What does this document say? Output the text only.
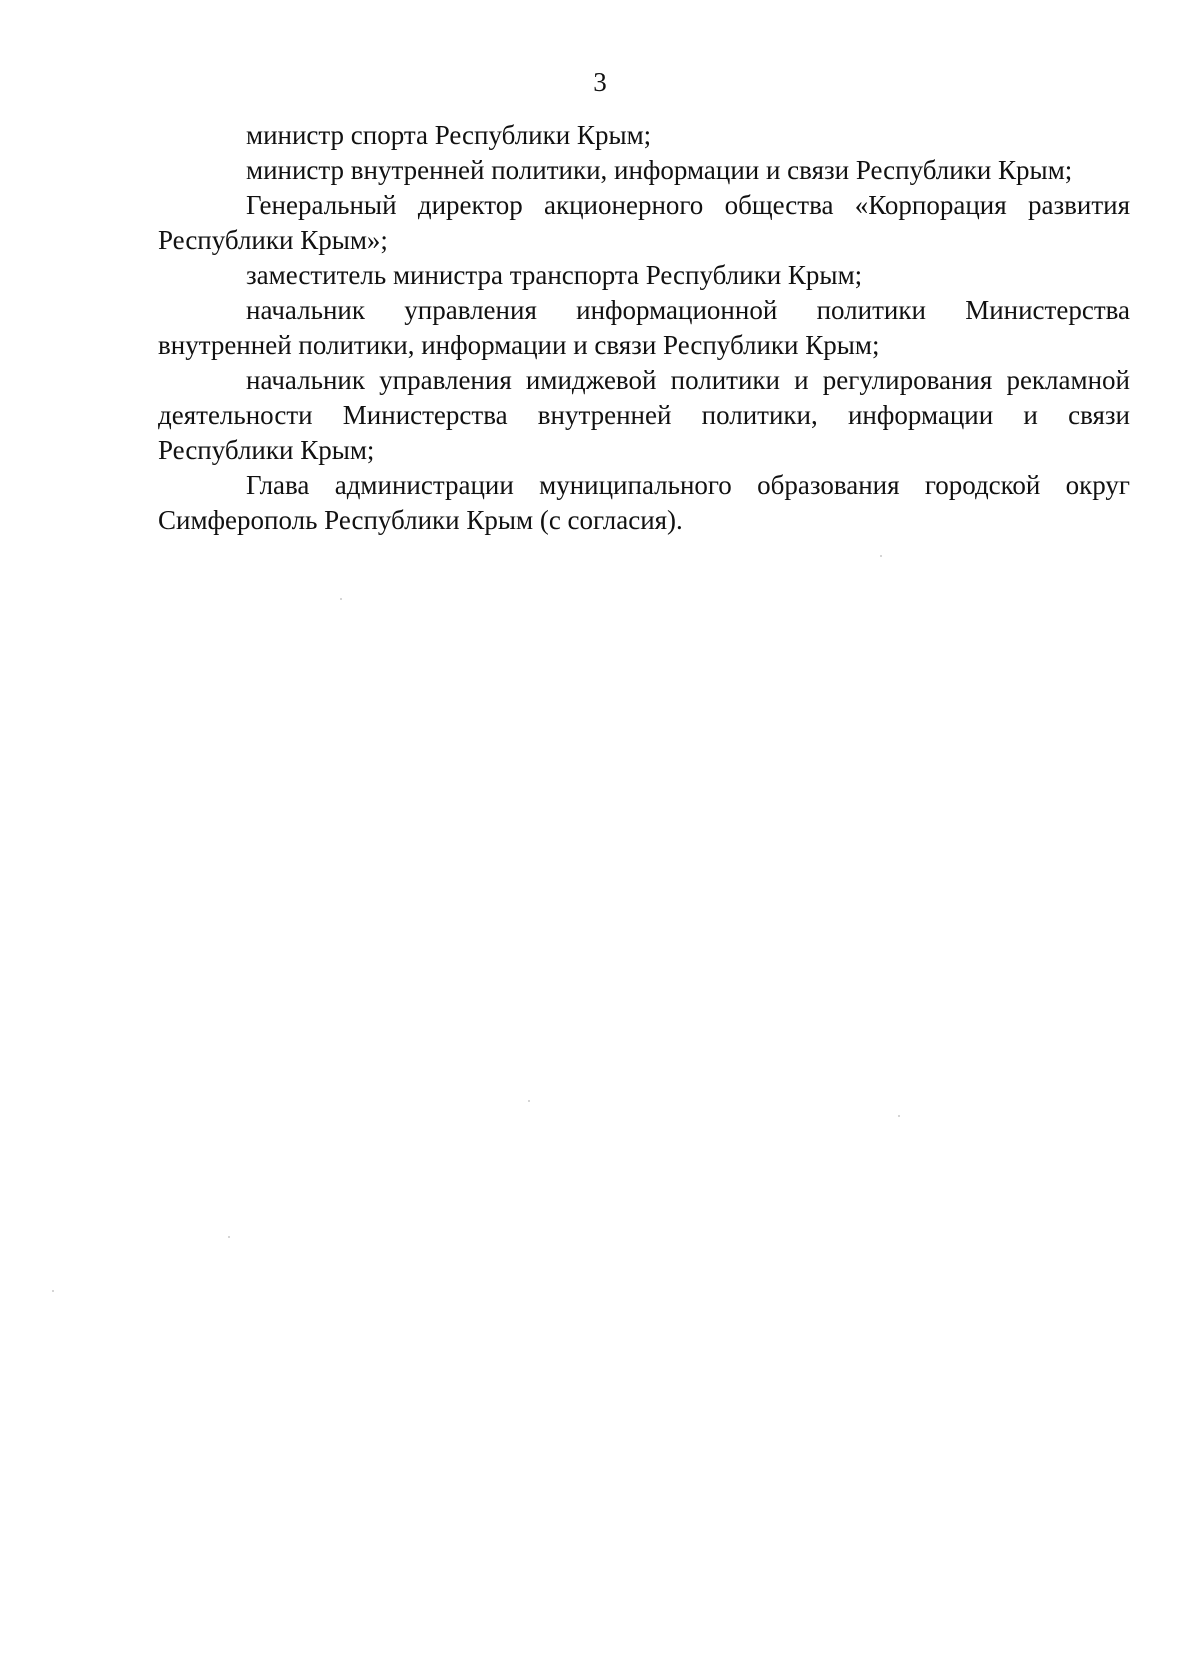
3

министр спорта Республики Крым;

министр внутренней политики, информации и связи Республики Крым;

Генеральный директор акционерного общества «Корпорация развития Республики Крым»;

заместитель министра транспорта Республики Крым;

начальник управления информационной политики Министерства внутренней политики, информации и связи Республики Крым;

начальник управления имиджевой политики и регулирования рекламной деятельности Министерства внутренней политики, информации и связи Республики Крым;

Глава администрации муниципального образования городской округ Симферополь Республики Крым (с согласия).
